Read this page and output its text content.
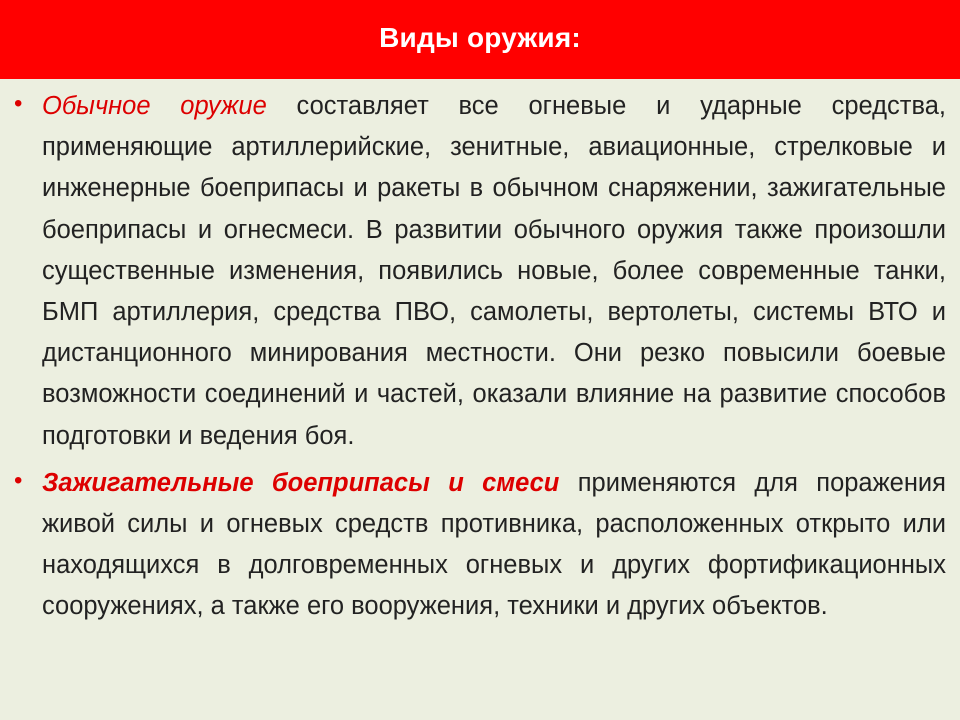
Виды оружия:
• Обычное оружие составляет все огневые и ударные средства, применяющие артиллерийские, зенитные, авиационные, стрелковые и инженерные боеприпасы и ракеты в обычном снаряжении, зажигательные боеприпасы и огнесмеси. В развитии обычного оружия также произошли существенные изменения, появились новые, более современные танки, БМП артиллерия, средства ПВО, самолеты, вертолеты, системы ВТО и дистанционного минирования местности. Они резко повысили боевые возможности соединений и частей, оказали влияние на развитие способов подготовки и ведения боя.
• Зажигательные боеприпасы и смеси применяются для поражения живой силы и огневых средств противника, расположенных открыто или находящихся в долговременных огневых и других фортификационных сооружениях, а также его вооружения, техники и других объектов.
